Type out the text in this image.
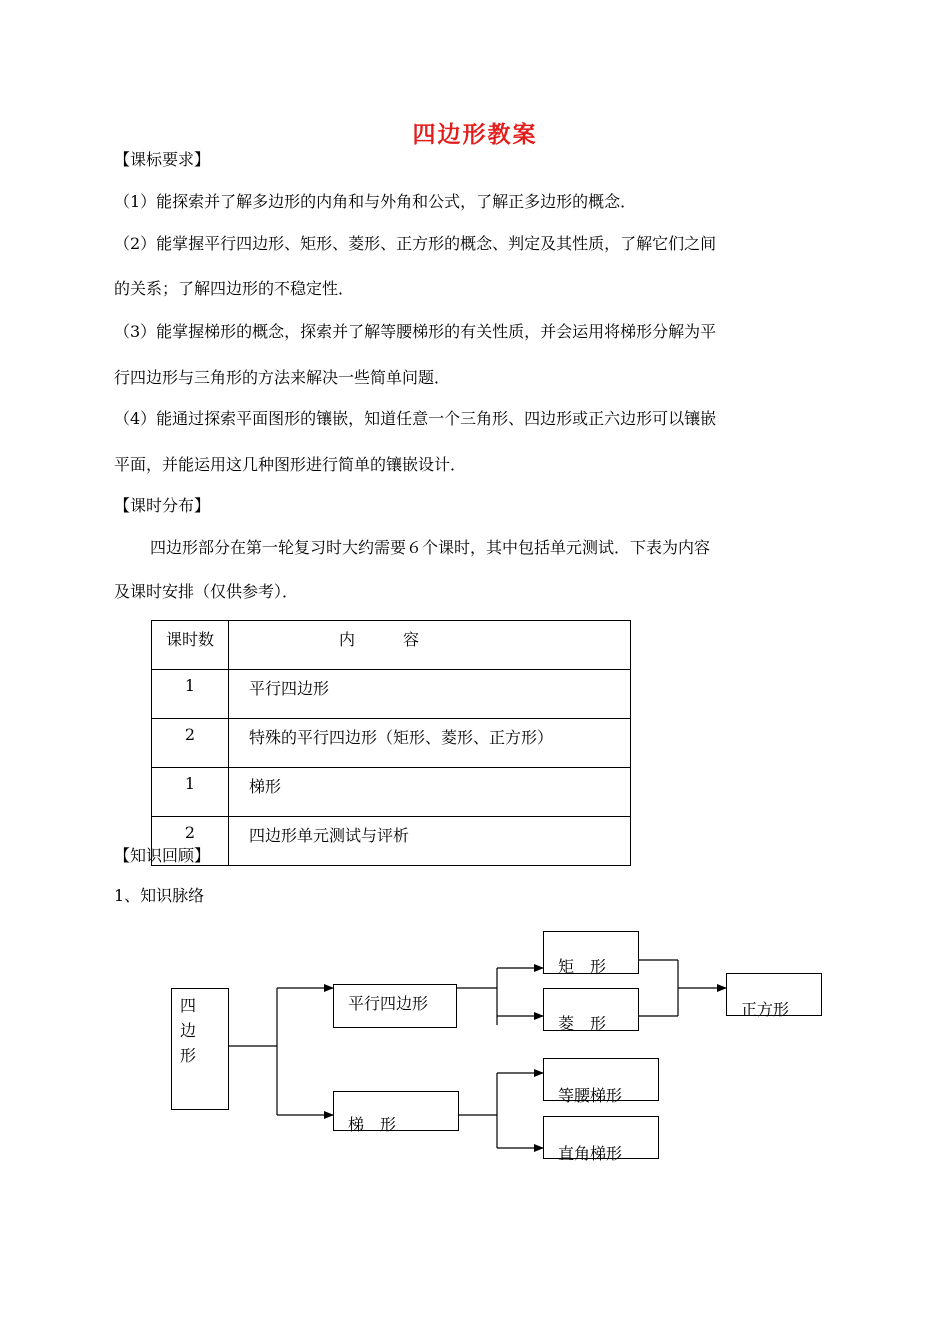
四边形教案
【课标要求】
（1）能探索并了解多边形的内角和与外角和公式，了解正多边形的概念．
（2）能掌握平行四边形、矩形、菱形、正方形的概念、判定及其性质，了解它们之间
的关系；了解四边形的不稳定性．
（3）能掌握梯形的概念，探索并了解等腰梯形的有关性质，并会运用将梯形分解为平
行四边形与三角形的方法来解决一些简单问题．
（4）能通过探索平面图形的镶嵌，知道任意一个三角形、四边形或正六边形可以镶嵌
平面，并能运用这几种图形进行简单的镶嵌设计．
【课时分布】
四边形部分在第一轮复习时大约需要６个课时，其中包括单元测试．下表为内容
及课时安排（仅供参考）．
课时数	内　　　容
1	平行四边形
2	特殊的平行四边形（矩形、菱形、正方形）
1	梯形
2	四边形单元测试与评析
【知识回顾】
1、知识脉络
四
边
形
平行四边形
梯　形
矩　形
菱　形
正方形
等腰梯形
直角梯形
